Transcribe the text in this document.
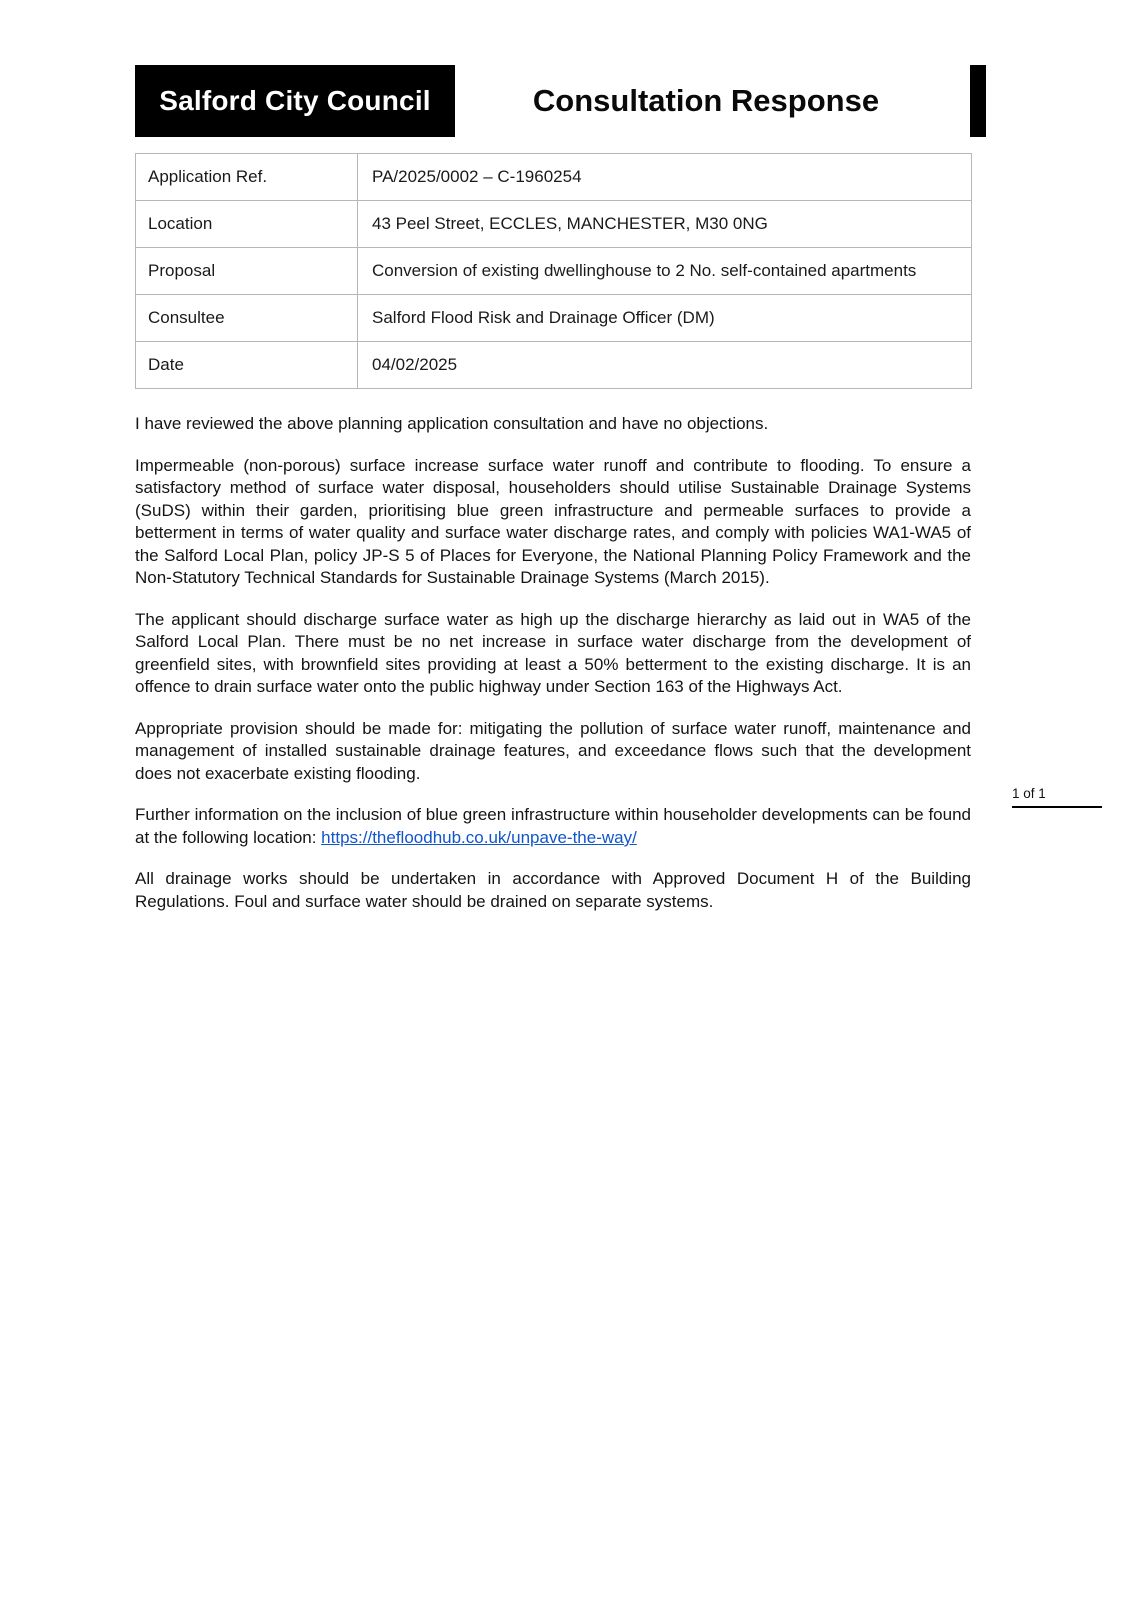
Salford City Council	Consultation Response
Application Ref.	PA/2025/0002 – C-1960254
Location	43 Peel Street, ECCLES, MANCHESTER, M30 0NG
Proposal	Conversion of existing dwellinghouse to 2 No. self-contained apartments
Consultee	Salford Flood Risk and Drainage Officer (DM)
Date	04/02/2025

I have reviewed the above planning application consultation and have no objections.

Impermeable (non-porous) surface increase surface water runoff and contribute to flooding. To ensure a satisfactory method of surface water disposal, householders should utilise Sustainable Drainage Systems (SuDS) within their garden, prioritising blue green infrastructure and permeable surfaces to provide a betterment in terms of water quality and surface water discharge rates, and comply with policies WA1-WA5 of the Salford Local Plan, policy JP-S 5 of Places for Everyone, the National Planning Policy Framework and the Non-Statutory Technical Standards for Sustainable Drainage Systems (March 2015).

The applicant should discharge surface water as high up the discharge hierarchy as laid out in WA5 of the Salford Local Plan. There must be no net increase in surface water discharge from the development of greenfield sites, with brownfield sites providing at least a 50% betterment to the existing discharge. It is an offence to drain surface water onto the public highway under Section 163 of the Highways Act.

Appropriate provision should be made for: mitigating the pollution of surface water runoff, maintenance and management of installed sustainable drainage features, and exceedance flows such that the development does not exacerbate existing flooding.

Further information on the inclusion of blue green infrastructure within householder developments can be found at the following location: https://thefloodhub.co.uk/unpave-the-way/

All drainage works should be undertaken in accordance with Approved Document H of the Building Regulations. Foul and surface water should be drained on separate systems.

1 of 1
